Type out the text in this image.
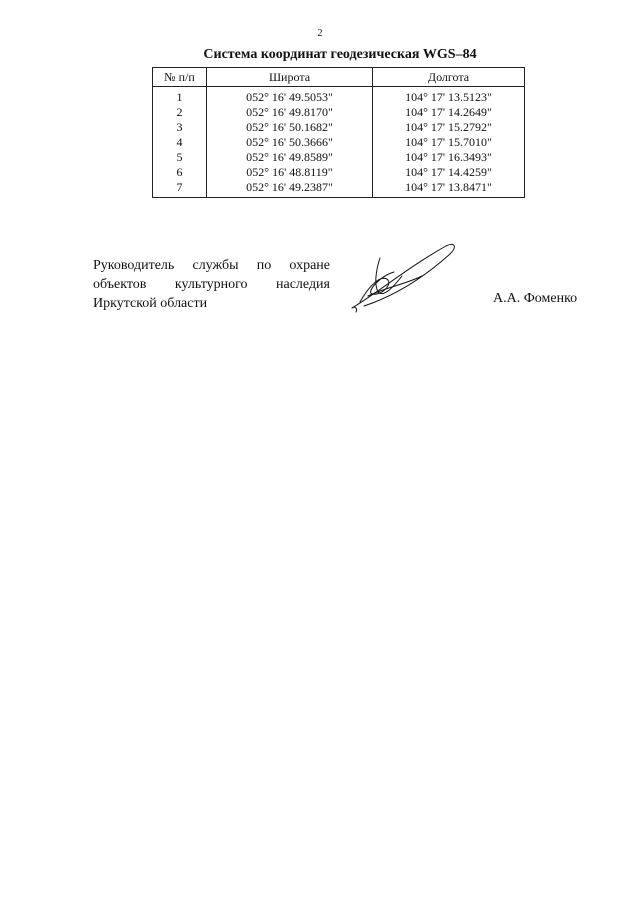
2
Система координат геодезическая WGS–84
№ п/п	Широта	Долгота
1	052° 16' 49.5053"	104° 17' 13.5123"
2	052° 16' 49.8170"	104° 17' 14.2649"
3	052° 16' 50.1682"	104° 17' 15.2792"
4	052° 16' 50.3666"	104° 17' 15.7010"
5	052° 16' 49.8589"	104° 17' 16.3493"
6	052° 16' 48.8119"	104° 17' 14.4259"
7	052° 16' 49.2387"	104° 17' 13.8471"
Руководитель службы по охране
объектов культурного наследия
Иркутской области	А.А. Фоменко
